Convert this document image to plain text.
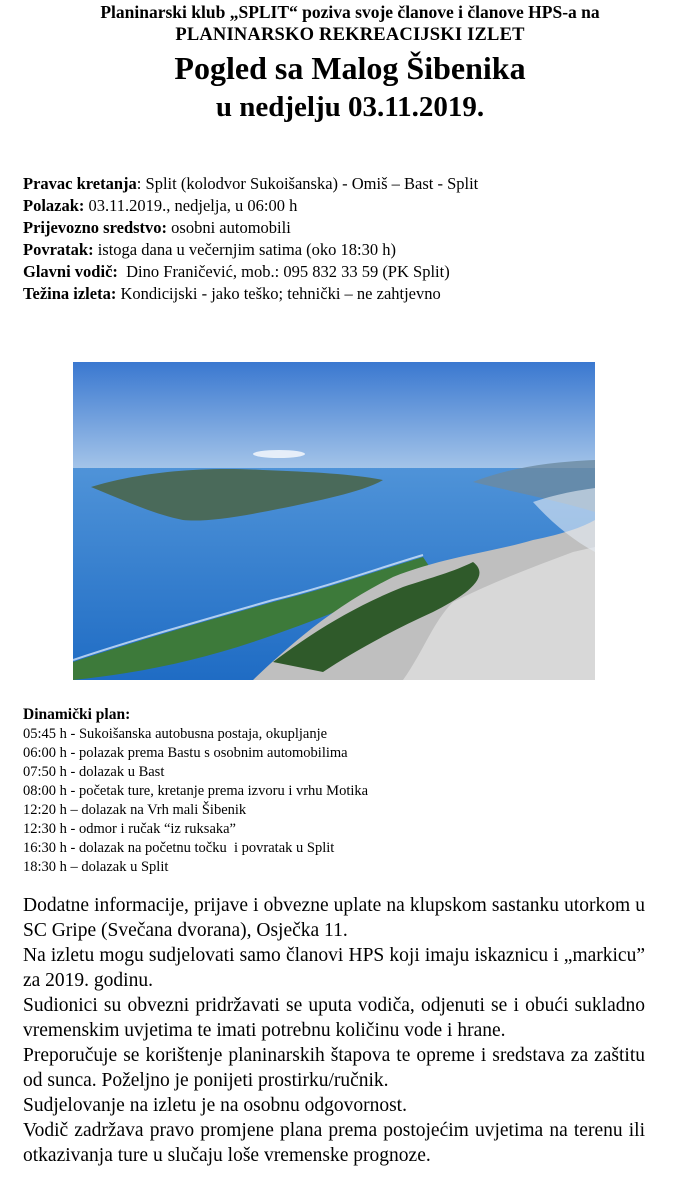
Planinarski klub „SPLIT“ poziva svoje članove i članove HPS-a na
PLANINARSKO REKREACIJSKI IZLET
Pogled sa Malog Šibenika
u nedjelju 03.11.2019.
Pravac kretanja: Split (kolodvor Sukoišanska) - Omiš – Bast - Split
Polazak: 03.11.2019., nedjelja, u 06:00 h
Prijevozno sredstvo: osobni automobili
Povratak: istoga dana u večernjim satima (oko 18:30 h)
Glavni vodič: Dino Franičević, mob.: 095 832 33 59 (PK Split)
Težina izleta: Kondicijski - jako teško; tehnički – ne zahtjevno
Dinamički plan:
05:45 h - Sukoišanska autobusna postaja, okupljanje
06:00 h - polazak prema Bastu s osobnim automobilima
07:50 h - dolazak u Bast
08:00 h - početak ture, kretanje prema izvoru i vrhu Motika
12:20 h – dolazak na Vrh mali Šibenik
12:30 h - odmor i ručak “iz ruksaka”
16:30 h - dolazak na početnu točku  i povratak u Split
18:30 h – dolazak u Split
Dodatne informacije, prijave i obvezne uplate na klupskom sastanku utorkom u SC Gripe (Svečana dvorana), Osječka 11.
Na izletu mogu sudjelovati samo članovi HPS koji imaju iskaznicu i „markicu” za 2019. godinu.
Sudionici su obvezni pridržavati se uputa vodiča, odjenuti se i obući sukladno vremenskim uvjetima te imati potrebnu količinu vode i hrane.
Preporučuje se korištenje planinarskih štapova te opreme i sredstava za zaštitu od sunca. Poželjno je ponijeti prostirku/ručnik.
Sudjelovanje na izletu je na osobnu odgovornost.
Vodič zadržava pravo promjene plana prema postojećim uvjetima na terenu ili otkazivanja ture u slučaju loše vremenske prognoze.
